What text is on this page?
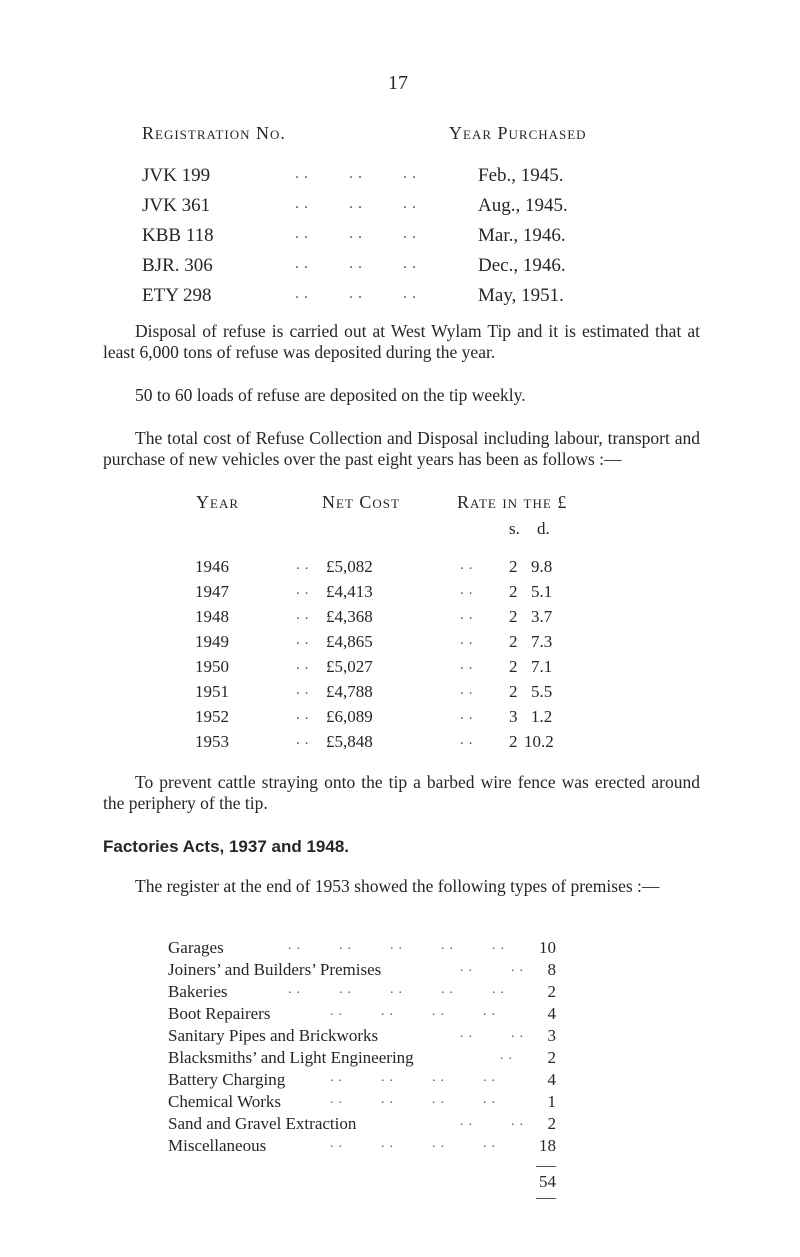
17
Registration No.	Year Purchased
JVK 199	..    ..    ..	Feb., 1945.
JVK 361	..    ..    ..	Aug., 1945.
KBB 118	..    ..    ..	Mar., 1946.
BJR. 306	..    ..    ..	Dec., 1946.
ETY 298	..    ..    ..	May, 1951.
Disposal of refuse is carried out at West Wylam Tip and it is estimated that at least 6,000 tons of refuse was deposited during the year.
50 to 60 loads of refuse are deposited on the tip weekly.
The total cost of Refuse Collection and Disposal including labour, transport and purchase of new vehicles over the past eight years has been as follows :—
Year	Net Cost	Rate in the £
s. d.
1946	.. £5,082	.. 2 9.8
1947	.. £4,413	.. 2 5.1
1948	.. £4,368	.. 2 3.7
1949	.. £4,865	.. 2 7.3
1950	.. £5,027	.. 2 7.1
1951	.. £4,788	.. 2 5.5
1952	.. £6,089	.. 3 1.2
1953	.. £5,848	.. 2 10.2
To prevent cattle straying onto the tip a barbed wire fence was erected around the periphery of the tip.
Factories Acts, 1937 and 1948.
The register at the end of 1953 showed the following types of premises :—
Garages	..    ..    ..    ..    ..	10
Joiners’ and Builders’ Premises	..    ..	8
Bakeries	..    ..    ..    ..    ..	2
Boot Repairers	..    ..    ..    ..	4
Sanitary Pipes and Brickworks	..    ..	3
Blacksmiths’ and Light Engineering	..	2
Battery Charging	..    ..    ..    ..	4
Chemical Works	..    ..    ..    ..	1
Sand and Gravel Extraction	..    ..	2
Miscellaneous	..    ..    ..    ..	18
54
